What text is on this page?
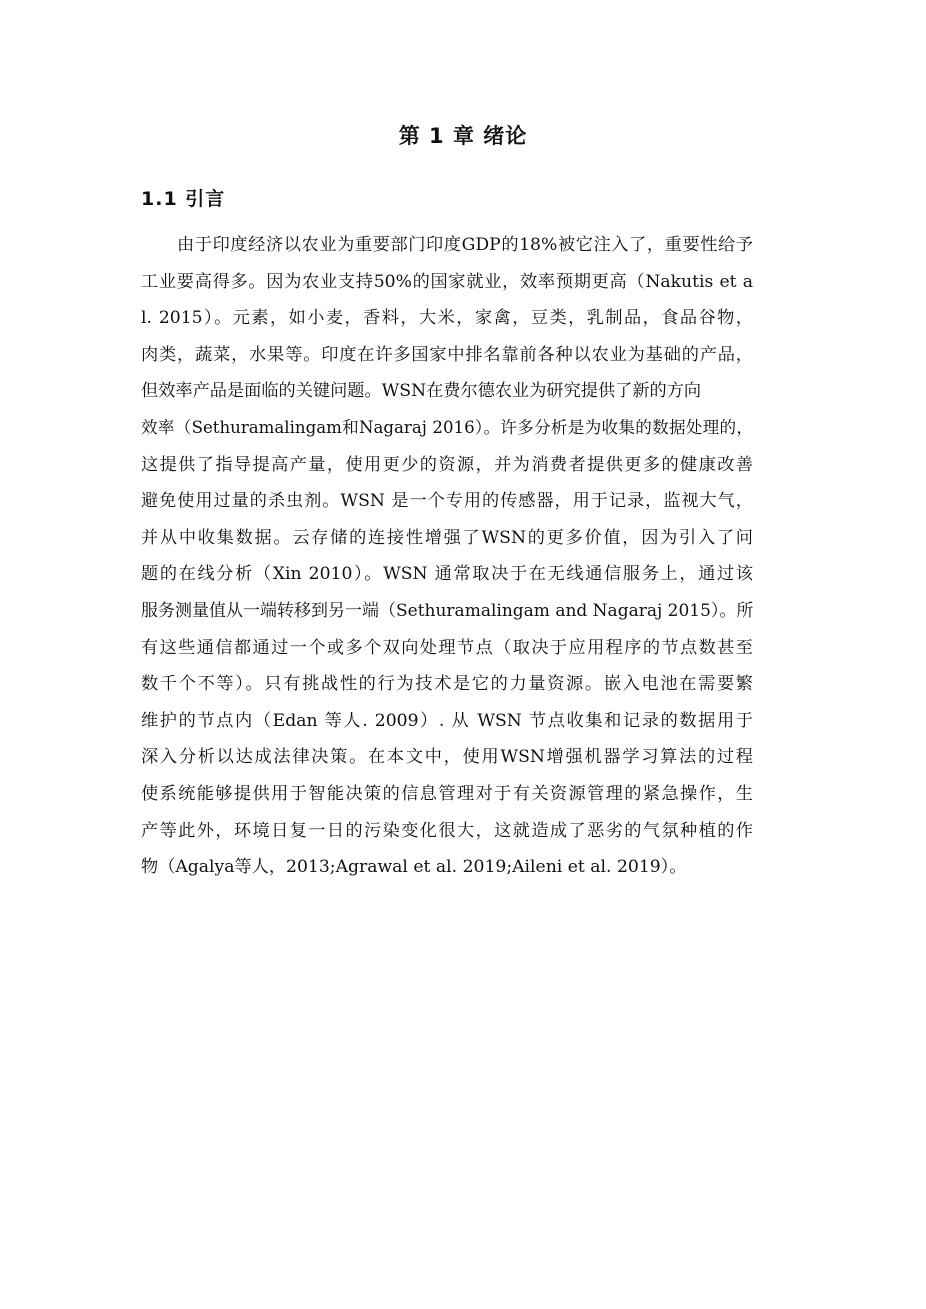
第 1 章 绪论
1.1 引言
由于印度经济以农业为重要部门印度GDP的18%被它注入了，重要性给予
工业要高得多。因为农业支持50%的国家就业，效率预期更高（Nakutis et a
l. 2015）。元素，如小麦，香料，大米，家禽，豆类，乳制品，食品谷物，
肉类，蔬菜，水果等。印度在许多国家中排名靠前各种以农业为基础的产品，
但效率产品是面临的关键问题。WSN在费尔德农业为研究提供了新的方向
效率（Sethuramalingam和Nagaraj 2016）。许多分析是为收集的数据处理的，
这提供了指导提高产量，使用更少的资源，并为消费者提供更多的健康改善
避免使用过量的杀虫剂。WSN 是一个专用的传感器，用于记录，监视大气，
并从中收集数据。云存储的连接性增强了WSN的更多价值，因为引入了问
题的在线分析（Xin 2010）。WSN 通常取决于在无线通信服务上，通过该
服务测量值从一端转移到另一端（Sethuramalingam and Nagaraj 2015）。所
有这些通信都通过一个或多个双向处理节点（取决于应用程序的节点数甚至
数千个不等）。只有挑战性的行为技术是它的力量资源。嵌入电池在需要繁
维护的节点内（Edan 等人. 2009）. 从 WSN 节点收集和记录的数据用于
深入分析以达成法律决策。在本文中，使用WSN增强机器学习算法的过程
使系统能够提供用于智能决策的信息管理对于有关资源管理的紧急操作，生
产等此外，环境日复一日的污染变化很大，这就造成了恶劣的气氛种植的作
物（Agalya等人，2013;Agrawal et al. 2019;Aileni et al. 2019）。
